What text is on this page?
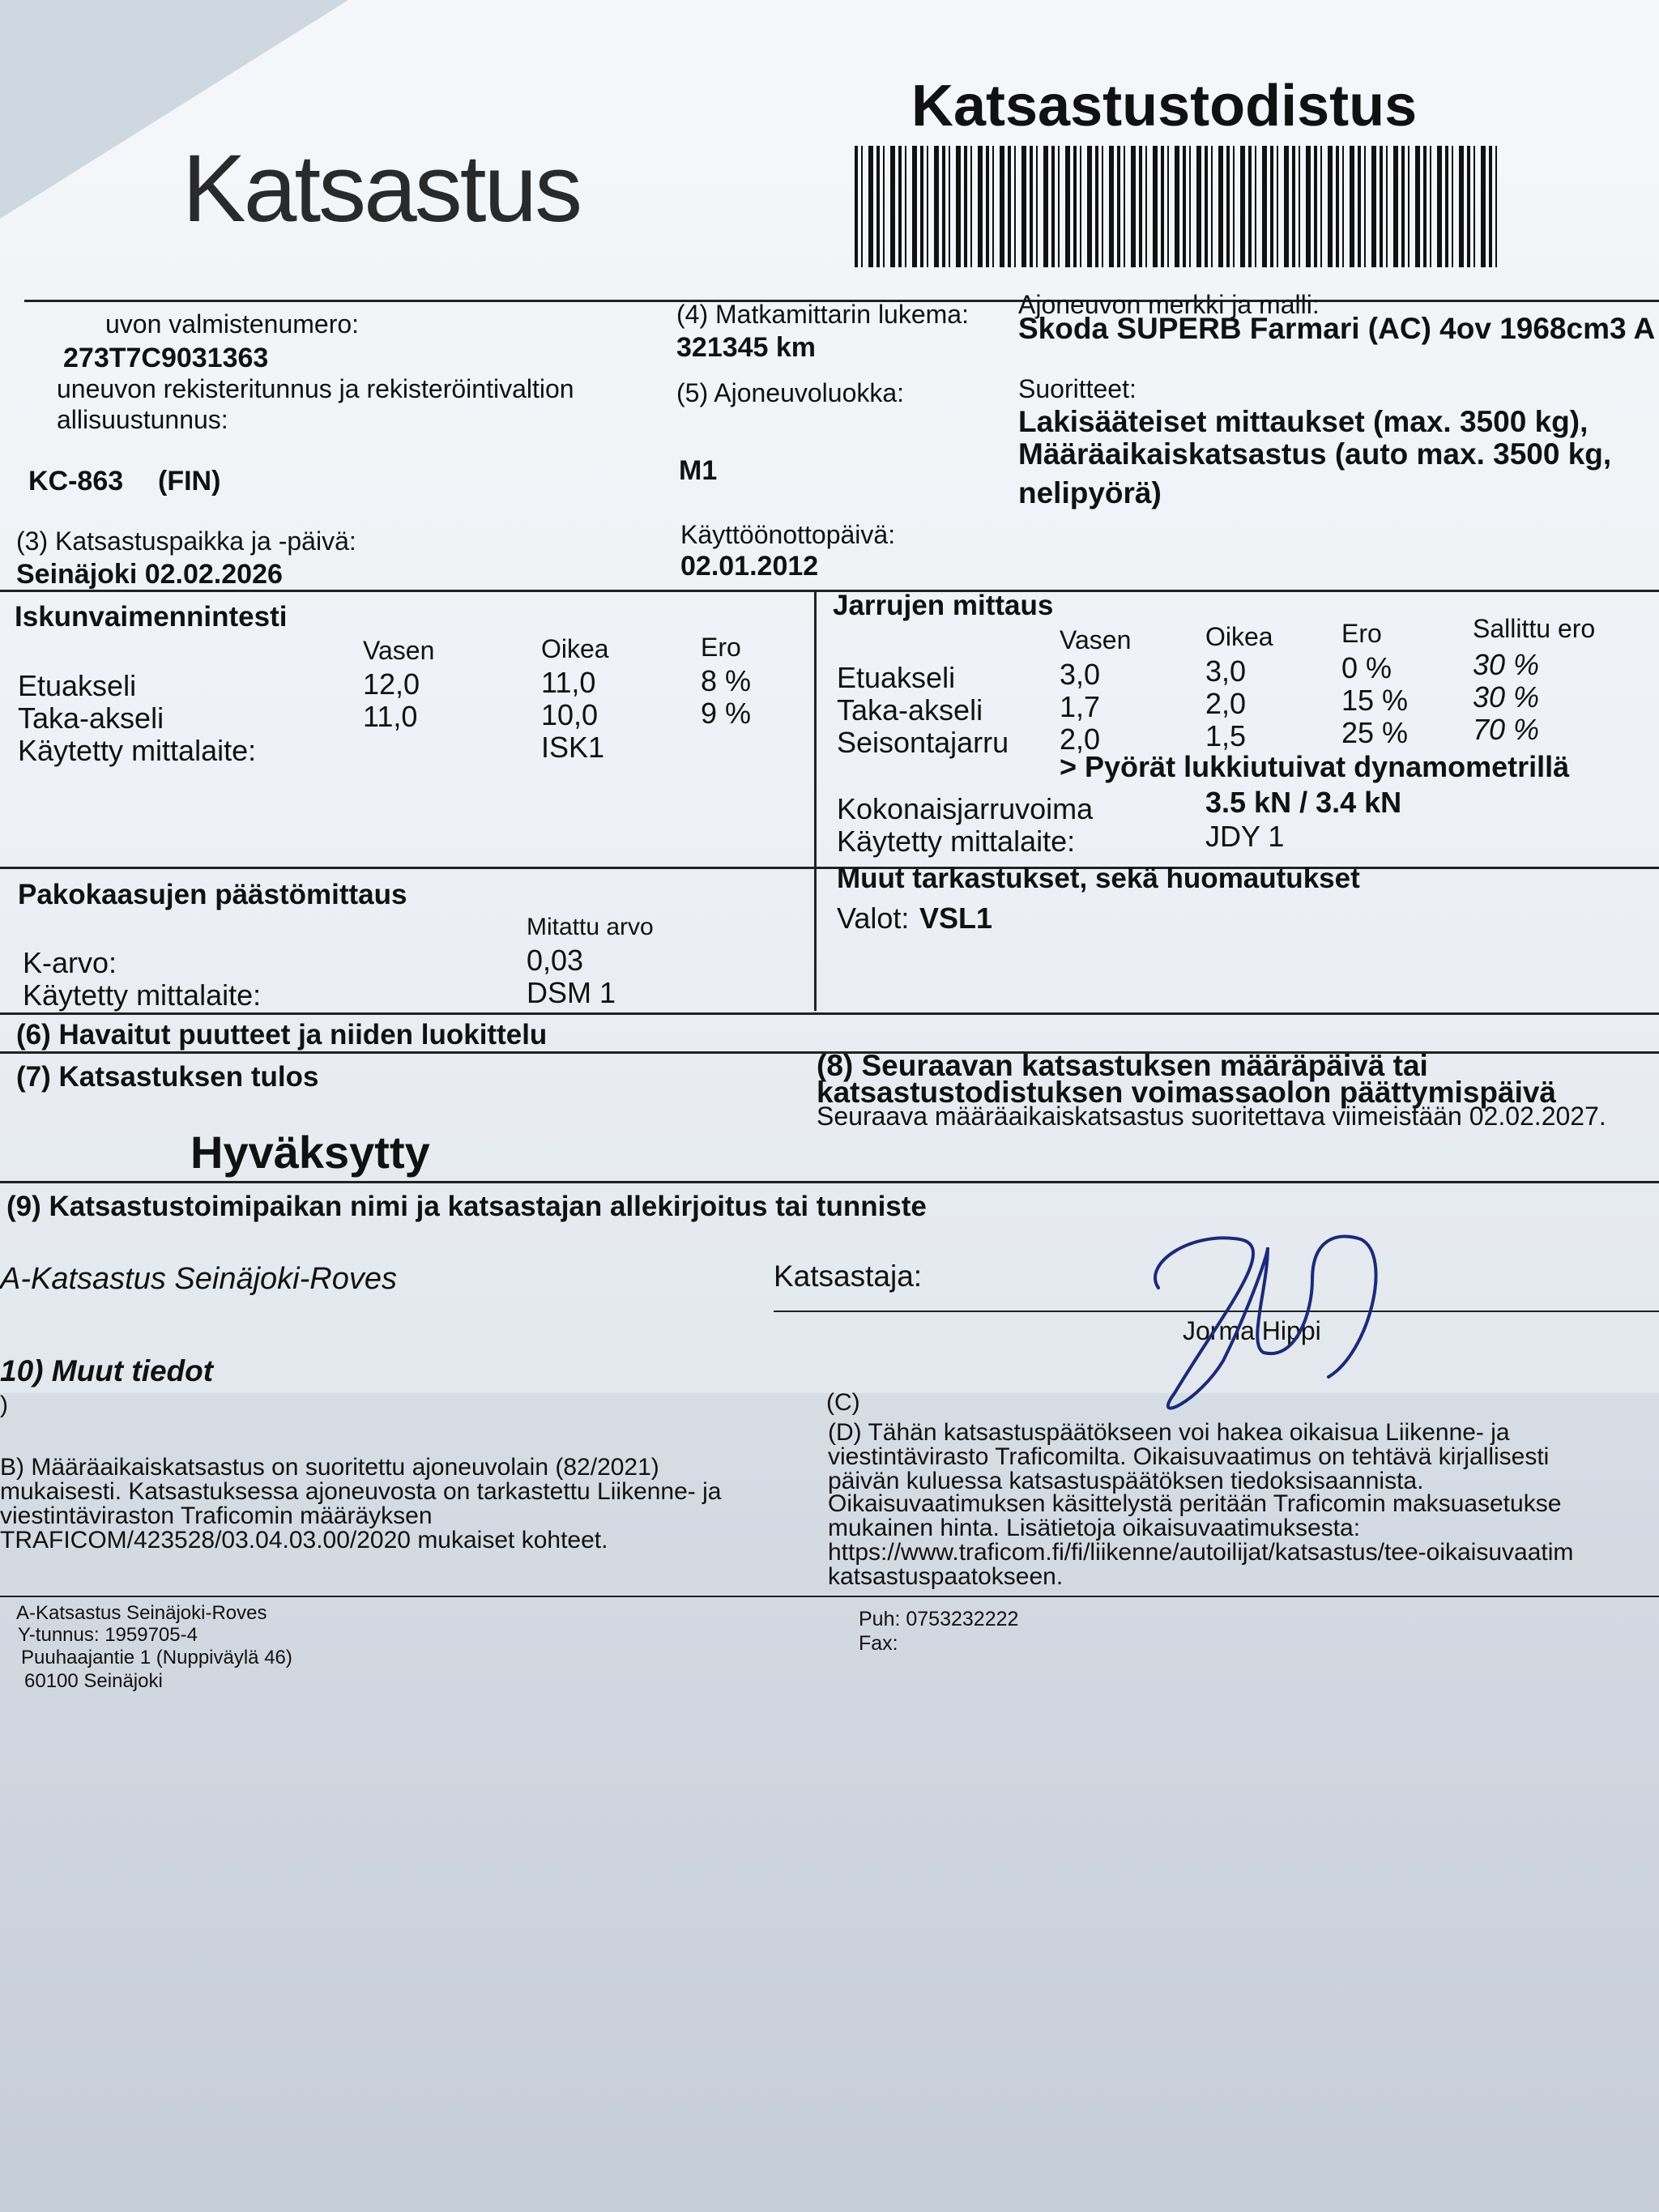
Katsastus
Katsastustodistus
uvon valmistenumero:
273T7C9031363
uneuvon rekisteritunnus ja rekisteröintivaltion
allisuustunnus:
KC-863 (FIN)
(3) Katsastuspaikka ja -päivä:
Seinäjoki 02.02.2026
(4) Matkamittarin lukema:
321345 km
(5) Ajoneuvoluokka:
M1
Käyttöönottopäivä:
02.01.2012
Ajoneuvon merkki ja malli:
Skoda SUPERB Farmari (AC) 4ov 1968cm3 A
Suoritteet:
Lakisääteiset mittaukset (max. 3500 kg),
Määräaikaiskatsastus (auto max. 3500 kg,
nelipyörä)
Iskunvaimennintesti
Vasen	Oikea	Ero
Etuakseli	12,0	11,0	8 %
Taka-akseli	11,0	10,0	9 %
Käytetty mittalaite:	ISK1
Jarrujen mittaus
Vasen	Oikea	Ero	Sallittu ero
Etuakseli	3,0	3,0	0 %	30 %
Taka-akseli	1,7	2,0	15 % 30 %
Seisontajarru 2,0	1,5	25 % 70 %
> Pyörät lukkiutuivat dynamometrillä
Kokonaisjarruvoima	3.5 kN / 3.4 kN
Käytetty mittalaite:	JDY 1
Pakokaasujen päästömittaus
Mitattu arvo
K-arvo:	0,03
Käytetty mittalaite:	DSM 1
Muut tarkastukset, sekä huomautukset
Valot: VSL1
(6) Havaitut puutteet ja niiden luokittelu
(7) Katsastuksen tulos
Hyväksytty
(8) Seuraavan katsastuksen määräpäivä tai
katsastustodistuksen voimassaolon päättymispäivä
Seuraava määräaikaiskatsastus suoritettava viimeistään 02.02.2027.
(9) Katsastustoimipaikan nimi ja katsastajan allekirjoitus tai tunniste
A-Katsastus Seinäjoki-Roves	Katsastaja:
Jorma Hippi
10) Muut tiedot
)
B) Määräaikaiskatsastus on suoritettu ajoneuvolain (82/2021)
mukaisesti. Katsastuksessa ajoneuvosta on tarkastettu Liikenne- ja
viestintäviraston Traficomin määräyksen
TRAFICOM/423528/03.04.03.00/2020 mukaiset kohteet.
(C)
(D) Tähän katsastuspäätökseen voi hakea oikaisua Liikenne- ja
viestintävirasto Traficomilta. Oikaisuvaatimus on tehtävä kirjallisesti
päivän kuluessa katsastuspäätöksen tiedoksisaannista.
Oikaisuvaatimuksen käsittelystä peritään Traficomin maksuasetukse
mukainen hinta. Lisätietoja oikaisuvaatimuksesta:
https://www.traficom.fi/fi/liikenne/autoilijat/katsastus/tee-oikaisuvaatim
katsastuspaatokseen.
A-Katsastus Seinäjoki-Roves
Y-tunnus: 1959705-4
Puuhaajantie 1 (Nuppiväylä 46)
60100 Seinäjoki
Puh: 0753232222
Fax:
